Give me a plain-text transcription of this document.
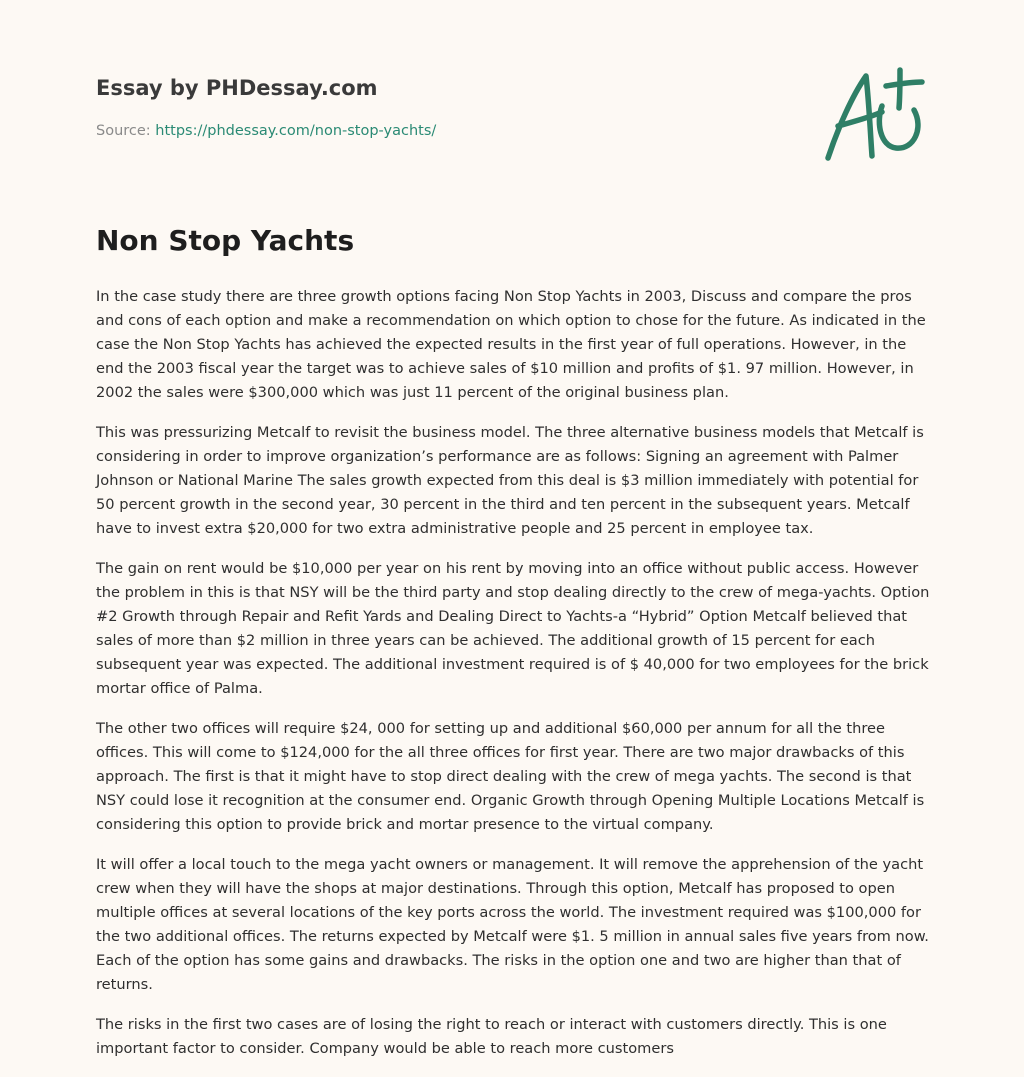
Essay by PHDessay.com
Source: https://phdessay.com/non-stop-yachts/
Non Stop Yachts

In the case study there are three growth options facing Non Stop Yachts in 2003, Discuss and compare the pros and cons of each option and make a recommendation on which option to chose for the future. As indicated in the case the Non Stop Yachts has achieved the expected results in the first year of full operations. However, in the end the 2003 fiscal year the target was to achieve sales of $10 million and profits of $1. 97 million. However, in 2002 the sales were $300,000 which was just 11 percent of the original business plan.

This was pressurizing Metcalf to revisit the business model. The three alternative business models that Metcalf is considering in order to improve organization’s performance are as follows: Signing an agreement with Palmer Johnson or National Marine The sales growth expected from this deal is $3 million immediately with potential for 50 percent growth in the second year, 30 percent in the third and ten percent in the subsequent years. Metcalf have to invest extra $20,000 for two extra administrative people and 25 percent in employee tax.

The gain on rent would be $10,000 per year on his rent by moving into an office without public access. However the problem in this is that NSY will be the third party and stop dealing directly to the crew of mega-yachts. Option #2 Growth through Repair and Refit Yards and Dealing Direct to Yachts-a “Hybrid” Option Metcalf believed that sales of more than $2 million in three years can be achieved. The additional growth of 15 percent for each subsequent year was expected. The additional investment required is of $ 40,000 for two employees for the brick mortar office of Palma.

The other two offices will require $24, 000 for setting up and additional $60,000 per annum for all the three offices. This will come to $124,000 for the all three offices for first year. There are two major drawbacks of this approach. The first is that it might have to stop direct dealing with the crew of mega yachts. The second is that NSY could lose it recognition at the consumer end. Organic Growth through Opening Multiple Locations Metcalf is considering this option to provide brick and mortar presence to the virtual company.

It will offer a local touch to the mega yacht owners or management. It will remove the apprehension of the yacht crew when they will have the shops at major destinations. Through this option, Metcalf has proposed to open multiple offices at several locations of the key ports across the world. The investment required was $100,000 for the two additional offices. The returns expected by Metcalf were $1. 5 million in annual sales five years from now. Each of the option has some gains and drawbacks. The risks in the option one and two are higher than that of returns.

The risks in the first two cases are of losing the right to reach or interact with customers directly. This is one important factor to consider. Company would be able to reach more customers
